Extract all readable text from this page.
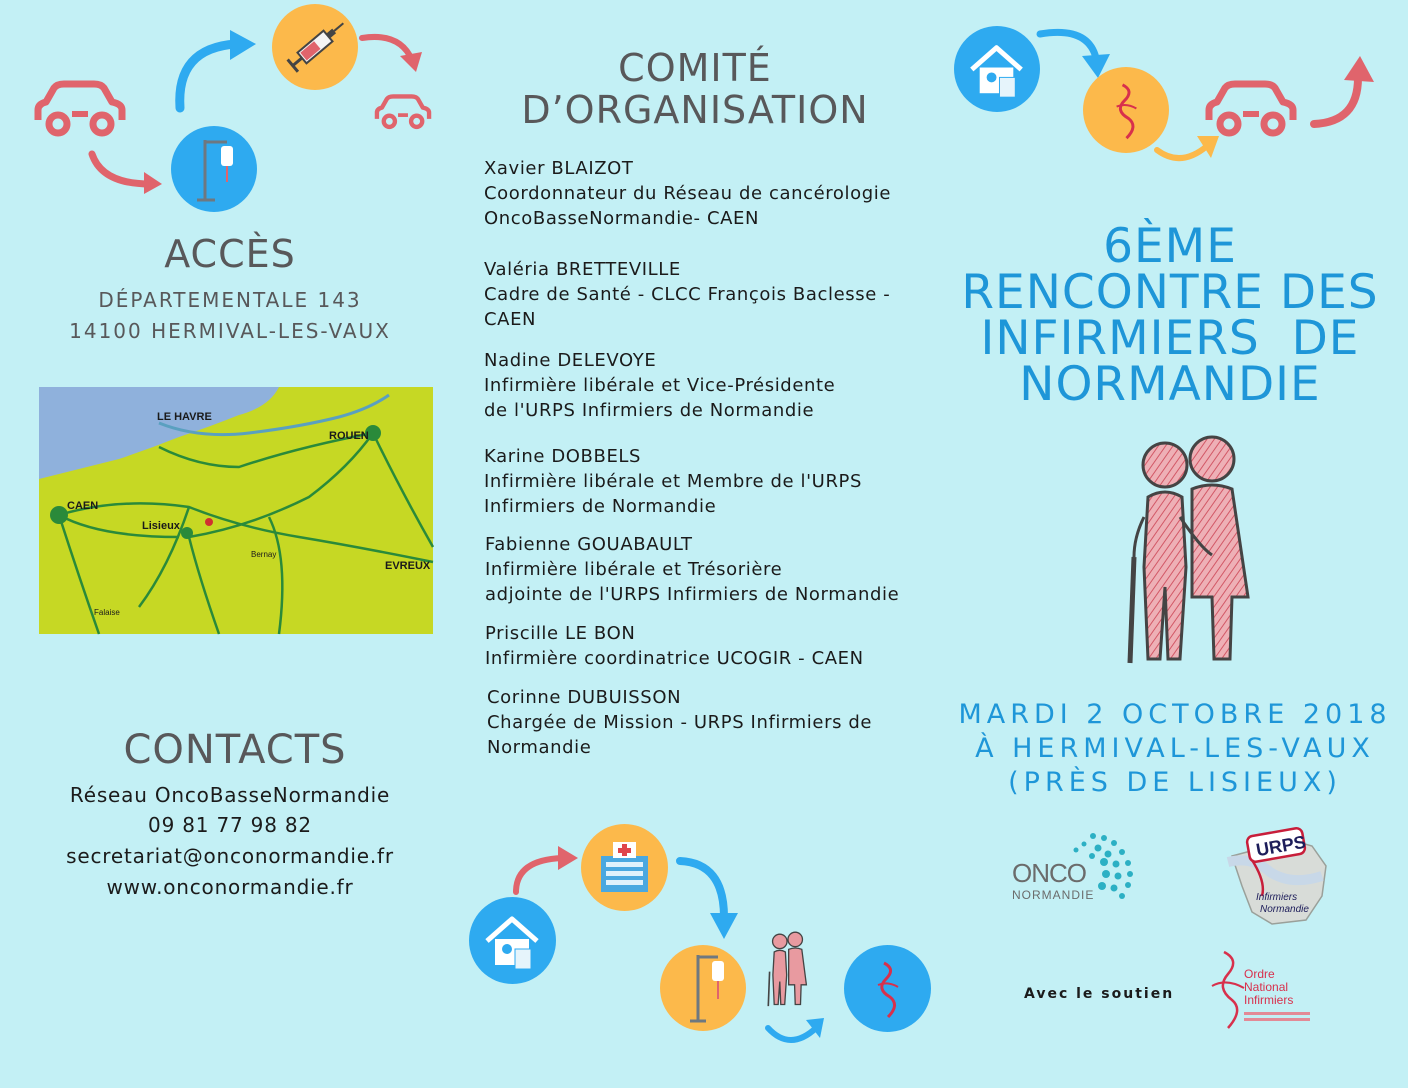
ACCÈS
DÉPARTEMENTALE 143
14100 HERMIVAL-LES-VAUX
LE HAVRE
ROUEN
CAEN
Lisieux
EVREUX
Falaise
Bernay
CONTACTS
Réseau OncoBasseNormandie
09 81 77 98 82
secretariat@onconormandie.fr
www.onconormandie.fr
COMITÉ
D’ORGANISATION
Xavier BLAIZOT
Coordonnateur du Réseau de cancérologie
OncoBasseNormandie- CAEN
Valéria BRETTEVILLE
Cadre de Santé - CLCC François Baclesse -
CAEN
Nadine DELEVOYE
Infirmière libérale et Vice-Présidente
de l'URPS Infirmiers de Normandie
Karine DOBBELS
Infirmière libérale et Membre de l'URPS
Infirmiers de Normandie
Fabienne GOUABAULT
Infirmière libérale et Trésorière
adjointe de l'URPS Infirmiers de Normandie
Priscille LE BON
Infirmière coordinatrice UCOGIR - CAEN
Corinne DUBUISSON
Chargée de Mission - URPS Infirmiers de
Normandie
6ÈME
RENCONTRE DES
INFIRMIERS  DE
NORMANDIE
MARDI 2 OCTOBRE 2018
À HERMIVAL-LES-VAUX
(PRÈS DE LISIEUX)
ONCO
NORMANDIE
URPS
Infirmiers
Normandie
Avec le soutien
Ordre
National
Infirmiers
